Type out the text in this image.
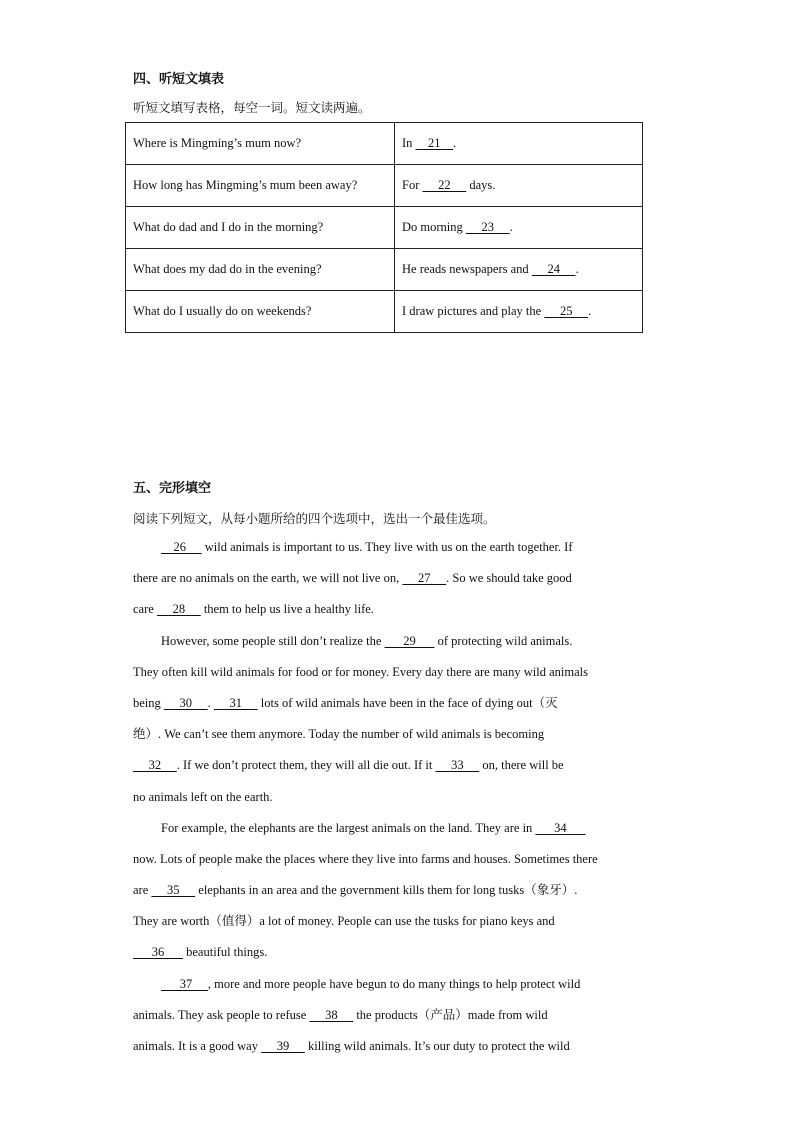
四、听短文填表
听短文填写表格，每空一词。短文读两遍。
Where is Mingming’s mum now?	In     21    .
How long has Mingming’s mum been away?	For      22      days.
What do dad and I do in the morning?	Do morning      23     .
What does my dad do in the evening?	He reads newspapers and      24     .
What do I usually do on weekends?	I draw pictures and play the      25     .
五、完形填空
阅读下列短文，从每小题所给的四个选项中，选出一个最佳选项。
26      wild animals is important to us. They live with us on the earth together. If
there are no animals on the earth, we will not live on,      27     . So we should take good
care      28      them to help us live a healthy life.
However, some people still don’t realize the       29       of protecting wild animals.
They often kill wild animals for food or for money. Every day there are many wild animals
being      30     .      31      lots of wild animals have been in the face of dying out（灭
绝）. We can’t see them anymore. Today the number of wild animals is becoming
32     . If we don’t protect them, they will all die out. If it      33      on, there will be
no animals left on the earth.
For example, the elephants are the largest animals on the land. They are in       34
now. Lots of people make the places where they live into farms and houses. Sometimes there
are      35      elephants in an area and the government kills them for long tusks（象牙）.
They are worth（值得）a lot of money. People can use the tusks for piano keys and
36       beautiful things.
37     , more and more people have begun to do many things to help protect wild
animals. They ask people to refuse      38      the products（产品）made from wild
animals. It is a good way      39      killing wild animals. It’s our duty to protect the wild
